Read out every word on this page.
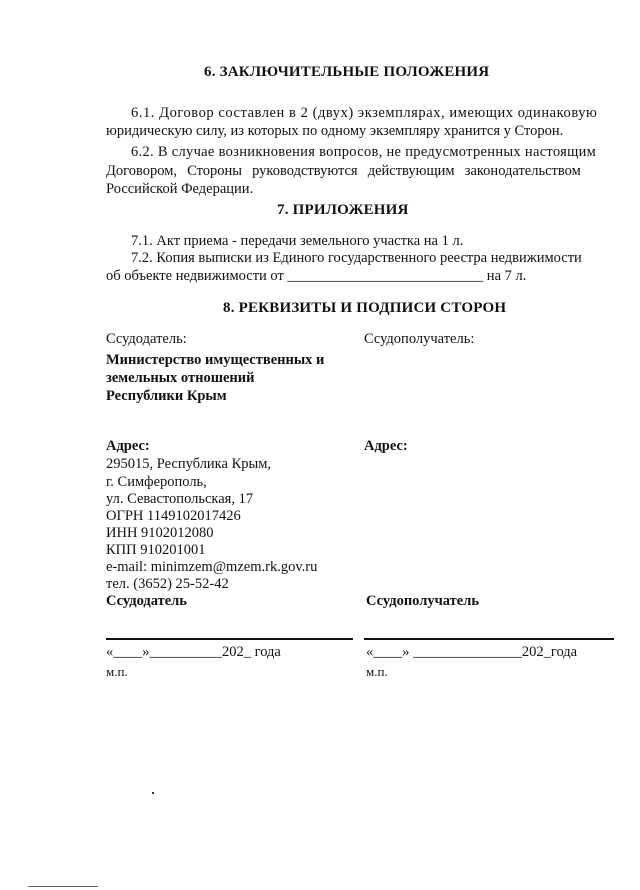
6. ЗАКЛЮЧИТЕЛЬНЫЕ ПОЛОЖЕНИЯ
6.1. Договор составлен в 2 (двух) экземплярах, имеющих одинаковую
юридическую силу, из которых по одному экземпляру хранится у Сторон.
6.2. В случае возникновения вопросов, не предусмотренных настоящим
Договором, Стороны руководствуются действующим законодательством
Российской Федерации.
7. ПРИЛОЖЕНИЯ
7.1. Акт приема - передачи земельного участка на 1 л.
7.2. Копия выписки из Единого государственного реестра недвижимости
об объекте недвижимости от ___________________________ на 7 л.
8. РЕКВИЗИТЫ И ПОДПИСИ СТОРОН
Ссудодатель:	Ссудополучатель:
Министерство имущественных и
земельных отношений
Республики Крым
Адрес:	Адрес:
295015, Республика Крым,
г. Симферополь,
ул. Севастопольская, 17
ОГРН 1149102017426
ИНН 9102012080
КПП 910201001
e-mail: minimzem@mzem.rk.gov.ru
тел. (3652) 25-52-42
Ссудодатель	Ссудополучатель
«____»__________202_ года	«____» _______________202_года
м.п.	м.п.
